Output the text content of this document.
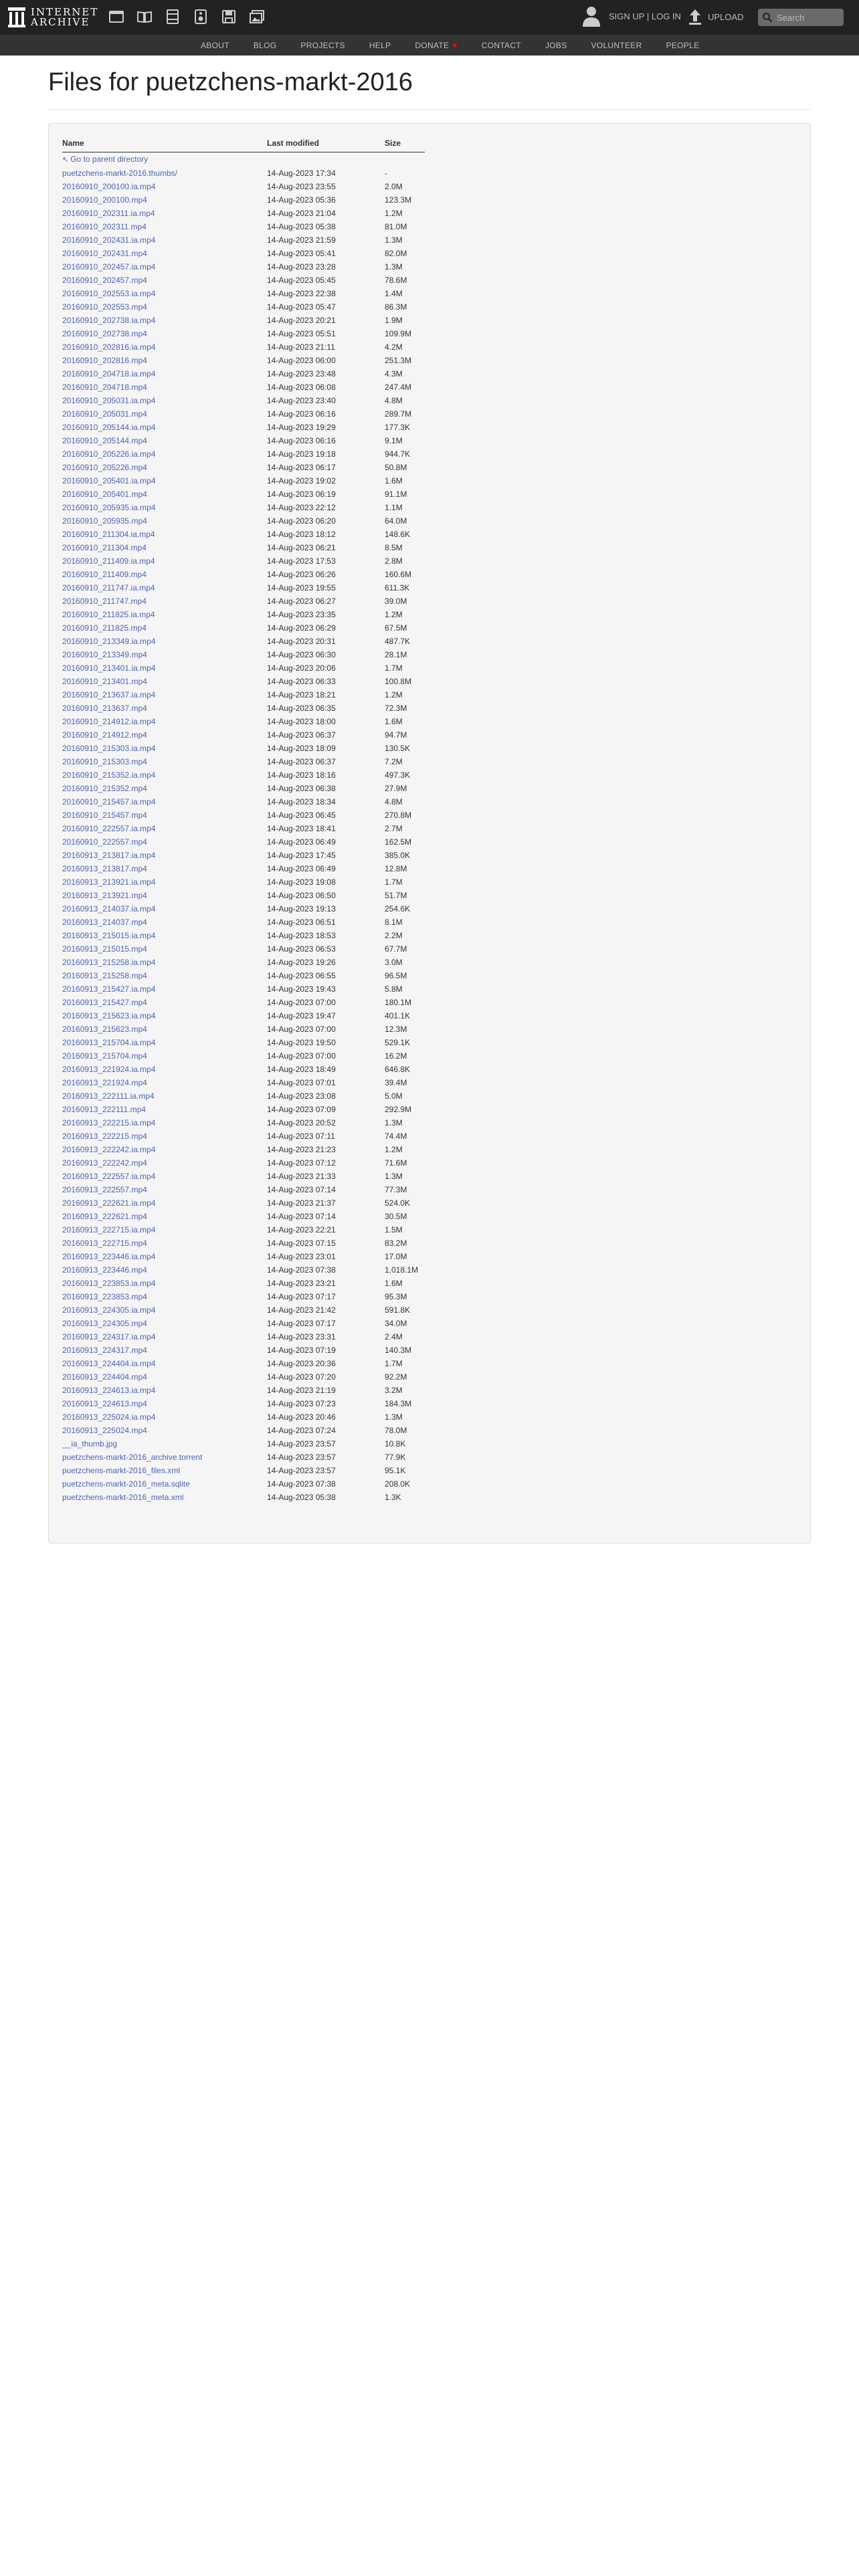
INTERNET
ARCHIVE	SIGN UP | LOG IN	UPLOAD
Search
ABOUT	BLOG	PROJECTS	HELP	DONATE ♥	CONTACT	JOBS	VOLUNTEER	PEOPLE
Files for puetzchens-markt-2016
Name	Last modified	Size
↖ Go to parent directory		
puetzchens-markt-2016.thumbs/	14-Aug-2023 17:34	-
20160910_200100.ia.mp4	14-Aug-2023 23:55	2.0M
20160910_200100.mp4	14-Aug-2023 05:36	123.3M
20160910_202311.ia.mp4	14-Aug-2023 21:04	1.2M
20160910_202311.mp4	14-Aug-2023 05:38	81.0M
20160910_202431.ia.mp4	14-Aug-2023 21:59	1.3M
20160910_202431.mp4	14-Aug-2023 05:41	82.0M
20160910_202457.ia.mp4	14-Aug-2023 23:28	1.3M
20160910_202457.mp4	14-Aug-2023 05:45	78.6M
20160910_202553.ia.mp4	14-Aug-2023 22:38	1.4M
20160910_202553.mp4	14-Aug-2023 05:47	86.3M
20160910_202738.ia.mp4	14-Aug-2023 20:21	1.9M
20160910_202738.mp4	14-Aug-2023 05:51	109.9M
20160910_202816.ia.mp4	14-Aug-2023 21:11	4.2M
20160910_202816.mp4	14-Aug-2023 06:00	251.3M
20160910_204718.ia.mp4	14-Aug-2023 23:48	4.3M
20160910_204718.mp4	14-Aug-2023 06:08	247.4M
20160910_205031.ia.mp4	14-Aug-2023 23:40	4.8M
20160910_205031.mp4	14-Aug-2023 06:16	289.7M
20160910_205144.ia.mp4	14-Aug-2023 19:29	177.3K
20160910_205144.mp4	14-Aug-2023 06:16	9.1M
20160910_205226.ia.mp4	14-Aug-2023 19:18	944.7K
20160910_205226.mp4	14-Aug-2023 06:17	50.8M
20160910_205401.ia.mp4	14-Aug-2023 19:02	1.6M
20160910_205401.mp4	14-Aug-2023 06:19	91.1M
20160910_205935.ia.mp4	14-Aug-2023 22:12	1.1M
20160910_205935.mp4	14-Aug-2023 06:20	64.0M
20160910_211304.ia.mp4	14-Aug-2023 18:12	148.6K
20160910_211304.mp4	14-Aug-2023 06:21	8.5M
20160910_211409.ia.mp4	14-Aug-2023 17:53	2.8M
20160910_211409.mp4	14-Aug-2023 06:26	160.6M
20160910_211747.ia.mp4	14-Aug-2023 19:55	611.3K
20160910_211747.mp4	14-Aug-2023 06:27	39.0M
20160910_211825.ia.mp4	14-Aug-2023 23:35	1.2M
20160910_211825.mp4	14-Aug-2023 06:29	67.5M
20160910_213349.ia.mp4	14-Aug-2023 20:31	487.7K
20160910_213349.mp4	14-Aug-2023 06:30	28.1M
20160910_213401.ia.mp4	14-Aug-2023 20:06	1.7M
20160910_213401.mp4	14-Aug-2023 06:33	100.8M
20160910_213637.ia.mp4	14-Aug-2023 18:21	1.2M
20160910_213637.mp4	14-Aug-2023 06:35	72.3M
20160910_214912.ia.mp4	14-Aug-2023 18:00	1.6M
20160910_214912.mp4	14-Aug-2023 06:37	94.7M
20160910_215303.ia.mp4	14-Aug-2023 18:09	130.5K
20160910_215303.mp4	14-Aug-2023 06:37	7.2M
20160910_215352.ia.mp4	14-Aug-2023 18:16	497.3K
20160910_215352.mp4	14-Aug-2023 06:38	27.9M
20160910_215457.ia.mp4	14-Aug-2023 18:34	4.8M
20160910_215457.mp4	14-Aug-2023 06:45	270.8M
20160910_222557.ia.mp4	14-Aug-2023 18:41	2.7M
20160910_222557.mp4	14-Aug-2023 06:49	162.5M
20160913_213817.ia.mp4	14-Aug-2023 17:45	385.0K
20160913_213817.mp4	14-Aug-2023 06:49	12.8M
20160913_213921.ia.mp4	14-Aug-2023 19:08	1.7M
20160913_213921.mp4	14-Aug-2023 06:50	51.7M
20160913_214037.ia.mp4	14-Aug-2023 19:13	254.6K
20160913_214037.mp4	14-Aug-2023 06:51	8.1M
20160913_215015.ia.mp4	14-Aug-2023 18:53	2.2M
20160913_215015.mp4	14-Aug-2023 06:53	67.7M
20160913_215258.ia.mp4	14-Aug-2023 19:26	3.0M
20160913_215258.mp4	14-Aug-2023 06:55	96.5M
20160913_215427.ia.mp4	14-Aug-2023 19:43	5.8M
20160913_215427.mp4	14-Aug-2023 07:00	180.1M
20160913_215623.ia.mp4	14-Aug-2023 19:47	401.1K
20160913_215623.mp4	14-Aug-2023 07:00	12.3M
20160913_215704.ia.mp4	14-Aug-2023 19:50	529.1K
20160913_215704.mp4	14-Aug-2023 07:00	16.2M
20160913_221924.ia.mp4	14-Aug-2023 18:49	646.8K
20160913_221924.mp4	14-Aug-2023 07:01	39.4M
20160913_222111.ia.mp4	14-Aug-2023 23:08	5.0M
20160913_222111.mp4	14-Aug-2023 07:09	292.9M
20160913_222215.ia.mp4	14-Aug-2023 20:52	1.3M
20160913_222215.mp4	14-Aug-2023 07:11	74.4M
20160913_222242.ia.mp4	14-Aug-2023 21:23	1.2M
20160913_222242.mp4	14-Aug-2023 07:12	71.6M
20160913_222557.ia.mp4	14-Aug-2023 21:33	1.3M
20160913_222557.mp4	14-Aug-2023 07:14	77.3M
20160913_222621.ia.mp4	14-Aug-2023 21:37	524.0K
20160913_222621.mp4	14-Aug-2023 07:14	30.5M
20160913_222715.ia.mp4	14-Aug-2023 22:21	1.5M
20160913_222715.mp4	14-Aug-2023 07:15	83.2M
20160913_223446.ia.mp4	14-Aug-2023 23:01	17.0M
20160913_223446.mp4	14-Aug-2023 07:38	1,018.1M
20160913_223853.ia.mp4	14-Aug-2023 23:21	1.6M
20160913_223853.mp4	14-Aug-2023 07:17	95.3M
20160913_224305.ia.mp4	14-Aug-2023 21:42	591.8K
20160913_224305.mp4	14-Aug-2023 07:17	34.0M
20160913_224317.ia.mp4	14-Aug-2023 23:31	2.4M
20160913_224317.mp4	14-Aug-2023 07:19	140.3M
20160913_224404.ia.mp4	14-Aug-2023 20:36	1.7M
20160913_224404.mp4	14-Aug-2023 07:20	92.2M
20160913_224613.ia.mp4	14-Aug-2023 21:19	3.2M
20160913_224613.mp4	14-Aug-2023 07:23	184.3M
20160913_225024.ia.mp4	14-Aug-2023 20:46	1.3M
20160913_225024.mp4	14-Aug-2023 07:24	78.0M
__ia_thumb.jpg	14-Aug-2023 23:57	10.8K
puetzchens-markt-2016_archive.torrent	14-Aug-2023 23:57	77.9K
puetzchens-markt-2016_files.xml	14-Aug-2023 23:57	95.1K
puetzchens-markt-2016_meta.sqlite	14-Aug-2023 07:38	208.0K
puetzchens-markt-2016_meta.xml	14-Aug-2023 05:38	1.3K
